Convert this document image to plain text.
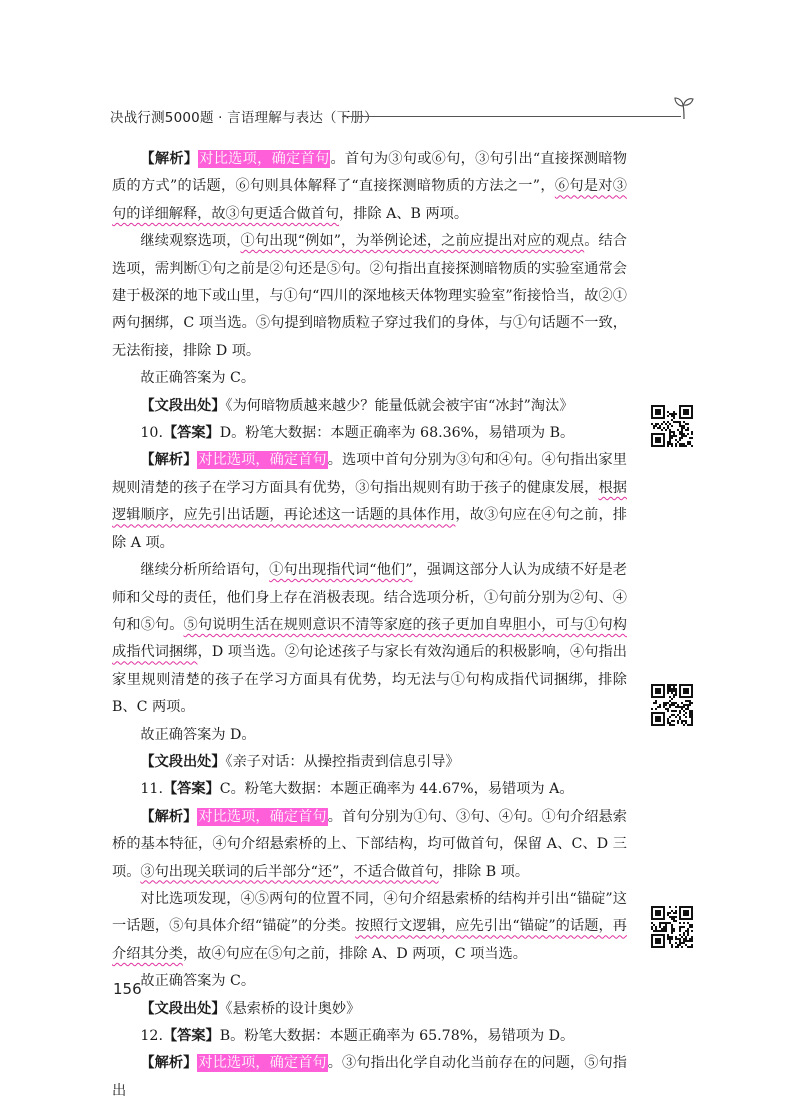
决战行测5000题 · 言语理解与表达（下册）

【解析】对比选项，确定首句。首句为③句或⑥句，③句引出“直接探测暗物质的方式”的话题，⑥句则具体解释了“直接探测暗物质的方法之一”，⑥句是对③句的详细解释，故③句更适合做首句，排除 A、B 两项。

继续观察选项，①句出现“例如”，为举例论述，之前应提出对应的观点。结合选项，需判断①句之前是②句还是⑤句。②句指出直接探测暗物质的实验室通常会建于极深的地下或山里，与①句“四川的深地核天体物理实验室”衔接恰当，故②①两句捆绑，C 项当选。⑤句提到暗物质粒子穿过我们的身体，与①句话题不一致，无法衔接，排除 D 项。

故正确答案为 C。

【文段出处】《为何暗物质越来越少？能量低就会被宇宙“冰封”淘汰》

10.【答案】D。粉笔大数据：本题正确率为 68.36%，易错项为 B。

【解析】对比选项，确定首句。选项中首句分别为③句和④句。④句指出家里规则清楚的孩子在学习方面具有优势，③句指出规则有助于孩子的健康发展，根据逻辑顺序，应先引出话题，再论述这一话题的具体作用，故③句应在④句之前，排除 A 项。

继续分析所给语句，①句出现指代词“他们”，强调这部分人认为成绩不好是老师和父母的责任，他们身上存在消极表现。结合选项分析，①句前分别为②句、④句和⑤句。⑤句说明生活在规则意识不清等家庭的孩子更加自卑胆小，可与①句构成指代词捆绑，D 项当选。②句论述孩子与家长有效沟通后的积极影响，④句指出家里规则清楚的孩子在学习方面具有优势，均无法与①句构成指代词捆绑，排除 B、C 两项。

故正确答案为 D。

【文段出处】《亲子对话：从操控指责到信息引导》

11.【答案】C。粉笔大数据：本题正确率为 44.67%，易错项为 A。

【解析】对比选项，确定首句。首句分别为①句、③句、④句。①句介绍悬索桥的基本特征，④句介绍悬索桥的上、下部结构，均可做首句，保留 A、C、D 三项。③句出现关联词的后半部分“还”，不适合做首句，排除 B 项。

对比选项发现，④⑤两句的位置不同，④句介绍悬索桥的结构并引出“锚碇”这一话题，⑤句具体介绍“锚碇”的分类。按照行文逻辑，应先引出“锚碇”的话题，再介绍其分类，故④句应在⑤句之前，排除 A、D 两项，C 项当选。

故正确答案为 C。

【文段出处】《悬索桥的设计奥妙》

12.【答案】B。粉笔大数据：本题正确率为 65.78%，易错项为 D。

【解析】对比选项，确定首句。③句指出化学自动化当前存在的问题，⑤句指出

156
